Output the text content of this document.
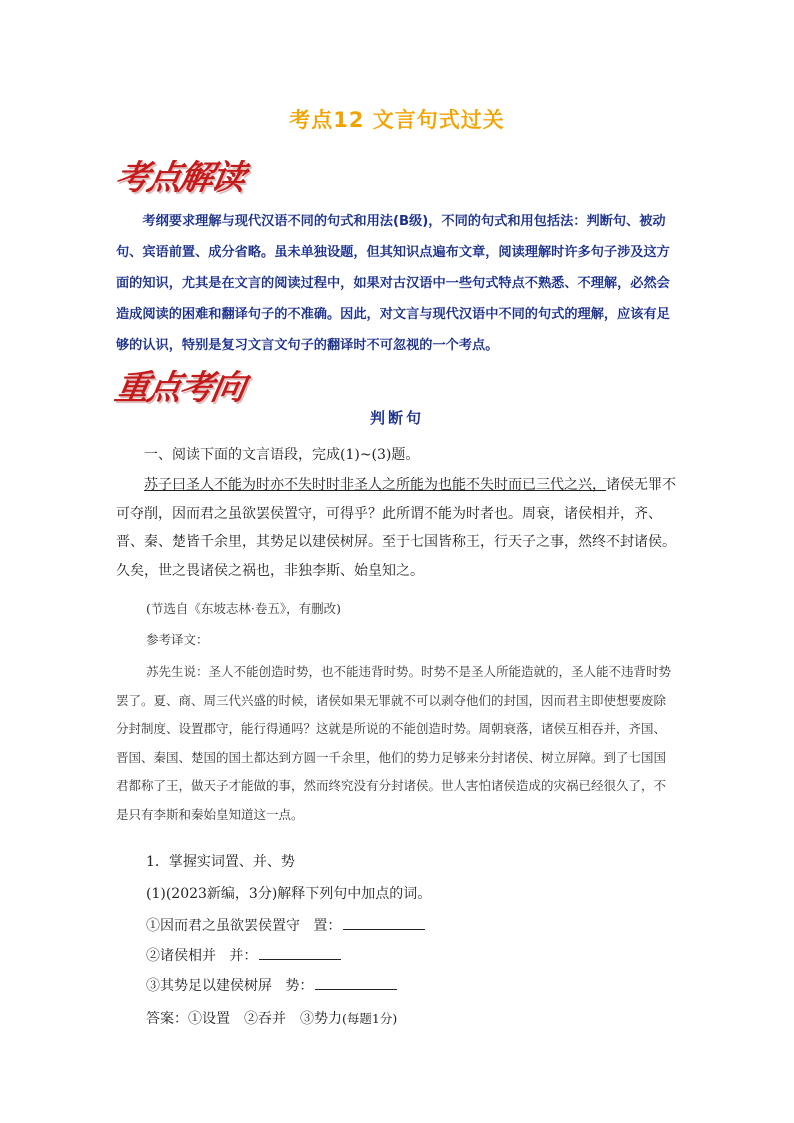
考点12 文言句式过关
考点解读
考纲要求理解与现代汉语不同的句式和用法(B级)，不同的句式和用包括法：判断句、被动句、宾语前置、成分省略。虽未单独设题，但其知识点遍布文章，阅读理解时许多句子涉及这方面的知识，尤其是在文言的阅读过程中，如果对古汉语中一些句式特点不熟悉、不理解，必然会造成阅读的困难和翻译句子的不准确。因此，对文言与现代汉语中不同的句式的理解，应该有足够的认识，特别是复习文言文句子的翻译时不可忽视的一个考点。
重点考向
判断句
一、阅读下面的文言语段，完成(1)~(3)题。
苏子曰圣人不能为时亦不失时时非圣人之所能为也能不失时而已三代之兴，诸侯无罪不可夺削，因而君之虽欲罢侯置守，可得乎？此所谓不能为时者也。周衰，诸侯相并，齐、晋、秦、楚皆千余里，其势足以建侯树屏。至于七国皆称王，行天子之事，然终不封诸侯。久矣，世之畏诸侯之祸也，非独李斯、始皇知之。
(节选自《东坡志林·卷五》，有删改)
参考译文：
苏先生说：圣人不能创造时势，也不能违背时势。时势不是圣人所能造就的，圣人能不违背时势罢了。夏、商、周三代兴盛的时候，诸侯如果无罪就不可以剥夺他们的封国，因而君主即使想要废除分封制度、设置郡守，能行得通吗？这就是所说的不能创造时势。周朝衰落，诸侯互相吞并，齐国、晋国、秦国、楚国的国土都达到方圆一千余里，他们的势力足够来分封诸侯、树立屏障。到了七国国君都称了王，做天子才能做的事，然而终究没有分封诸侯。世人害怕诸侯造成的灾祸已经很久了，不是只有李斯和秦始皇知道这一点。
1．掌握实词置、并、势
(1)(2023新编，3分)解释下列句中加点的词。
①因而君之虽欲罢侯置守 置：
②诸侯相并 并：
③其势足以建侯树屏 势：
答案：①设置　②吞并　③势力(每题1分)
